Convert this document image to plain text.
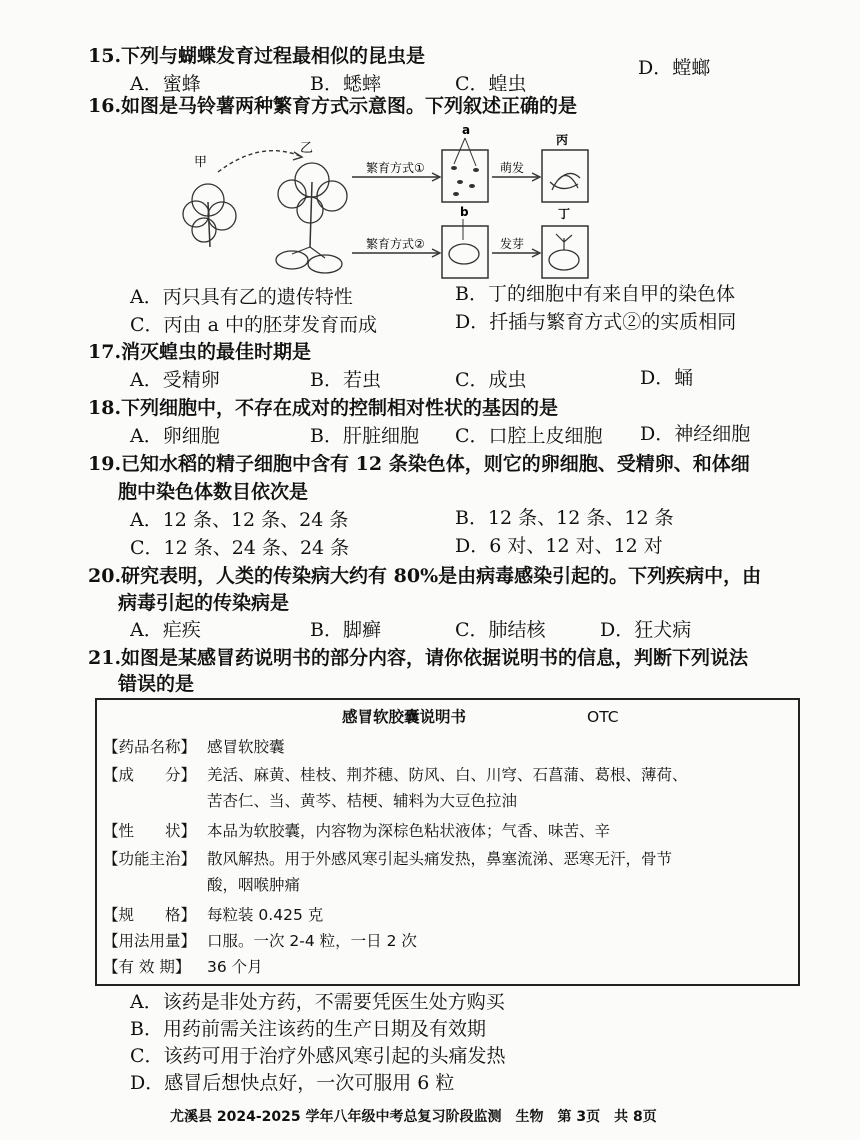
15.下列与蝴蝶发育过程最相似的昆虫是
A．蜜蜂	B．蟋蟀	C．蝗虫
D．螳螂
16.如图是马铃薯两种繁育方式示意图。下列叙述正确的是
甲
乙
繁育方式①
a
萌发
丙
繁育方式②
b
发芽
丁
A．丙只具有乙的遗传特性	B．丁的细胞中有来自甲的染色体
C．丙由 a 中的胚芽发育而成	D．扦插与繁育方式②的实质相同
17.消灭蝗虫的最佳时期是
A．受精卵	B．若虫	C．成虫	D．蛹
18.下列细胞中，不存在成对的控制相对性状的基因的是
A．卵细胞	B．肝脏细胞 C．口腔上皮细胞 D．神经细胞
19.已知水稻的精子细胞中含有 12 条染色体，则它的卵细胞、受精卵、和体细
胞中染色体数目依次是
A．12 条、12 条、24 条	B．12 条、12 条、12 条
C．12 条、24 条、24 条	D．6 对、12 对、12 对
20.研究表明，人类的传染病大约有 80%是由病毒感染引起的。下列疾病中，由
病毒引起的传染病是
A．疟疾	B．脚癣	C．肺结核	D．狂犬病
21.如图是某感冒药说明书的部分内容，请你依据说明书的信息，判断下列说法
错误的是
感冒软胶囊说明书	OTC
【药品名称】 感冒软胶囊
【成　　分】 羌活、麻黄、桂枝、荆芥穗、防风、白、川穹、石菖蒲、葛根、薄荷、
苦杏仁、当、黄芩、桔梗、辅料为大豆色拉油
【性　　状】 本品为软胶囊，内容物为深棕色粘状液体；气香、味苦、辛
【功能主治】 散风解热。用于外感风寒引起头痛发热，鼻塞流涕、恶寒无汗，骨节
酸，咽喉肿痛
【规　　格】 每粒装 0.425 克
【用法用量】 口服。一次 2-4 粒，一日 2 次
【有 效 期】 36 个月
A．该药是非处方药，不需要凭医生处方购买
B．用药前需关注该药的生产日期及有效期
C．该药可用于治疗外感风寒引起的头痛发热
D．感冒后想快点好，一次可服用 6 粒
尤溪县 2024-2025 学年八年级中考总复习阶段监测　生物　第 3页　共 8页
